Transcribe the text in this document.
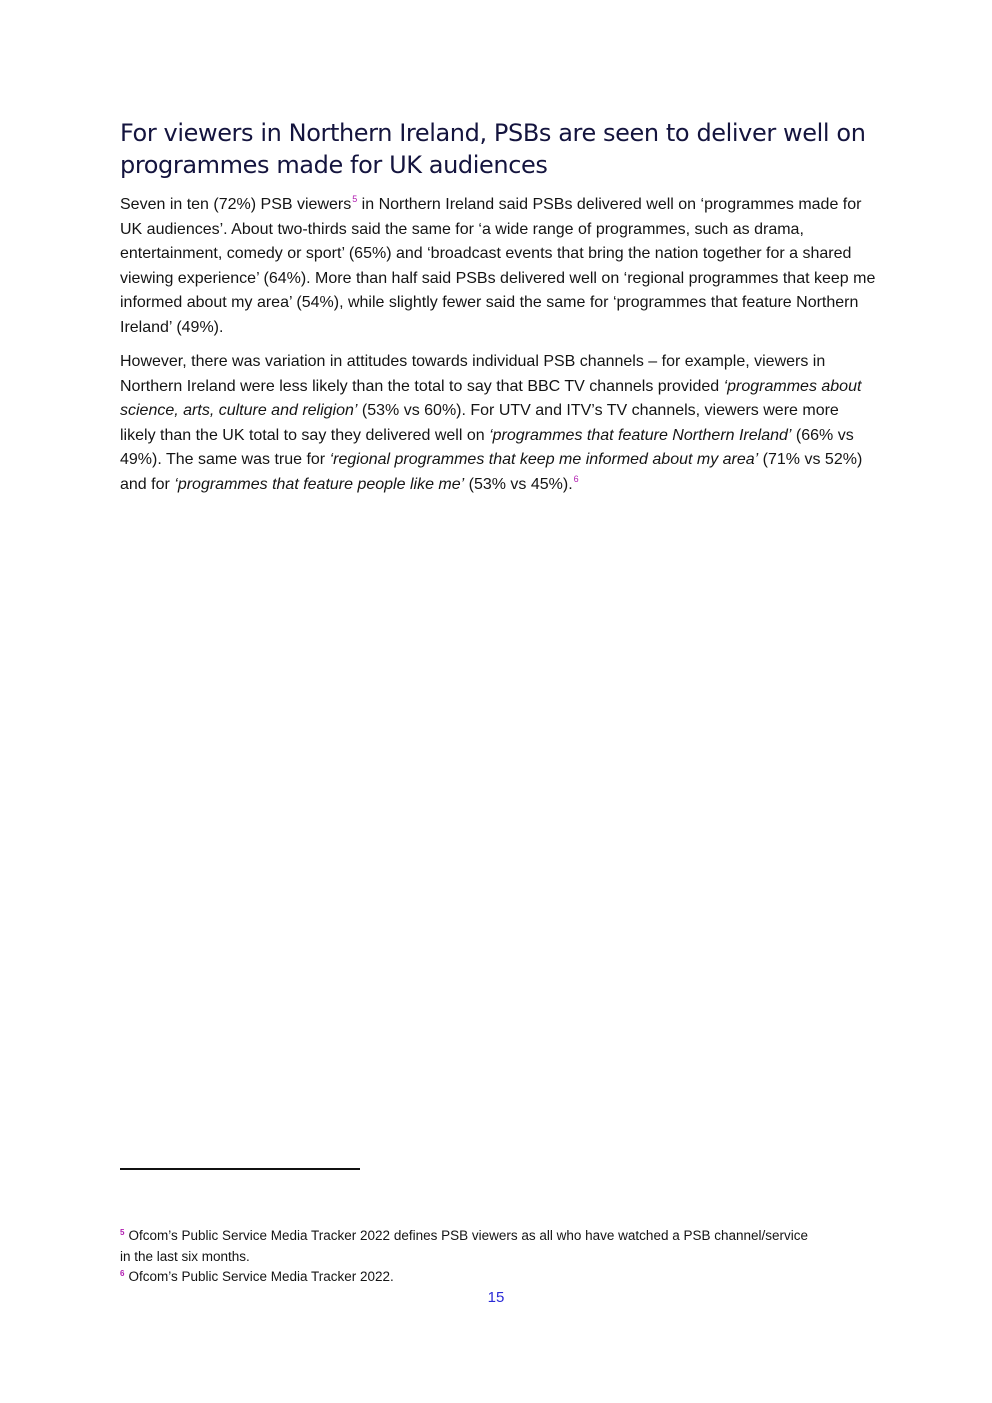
For viewers in Northern Ireland, PSBs are seen to deliver well on programmes made for UK audiences

Seven in ten (72%) PSB viewers$^5$ in Northern Ireland said PSBs delivered well on ‘programmes made for UK audiences’. About two-thirds said the same for ‘a wide range of programmes, such as drama, entertainment, comedy or sport’ (65%) and ‘broadcast events that bring the nation together for a shared viewing experience’ (64%). More than half said PSBs delivered well on ‘regional programmes that keep me informed about my area’ (54%), while slightly fewer said the same for ‘programmes that feature Northern Ireland’ (49%).

However, there was variation in attitudes towards individual PSB channels – for example, viewers in Northern Ireland were less likely than the total to say that BBC TV channels provided ‘programmes about science, arts, culture and religion’ (53% vs 60%). For UTV and ITV’s TV channels, viewers were more likely than the UK total to say they delivered well on ‘programmes that feature Northern Ireland’ (66% vs 49%). The same was true for ‘regional programmes that keep me informed about my area’ (71% vs 52%) and for ‘programmes that feature people like me’ (53% vs 45%).$^6$

$^5$ Ofcom’s Public Service Media Tracker 2022 defines PSB viewers as all who have watched a PSB channel/service in the last six months.

$^6$ Ofcom’s Public Service Media Tracker 2022.

15
